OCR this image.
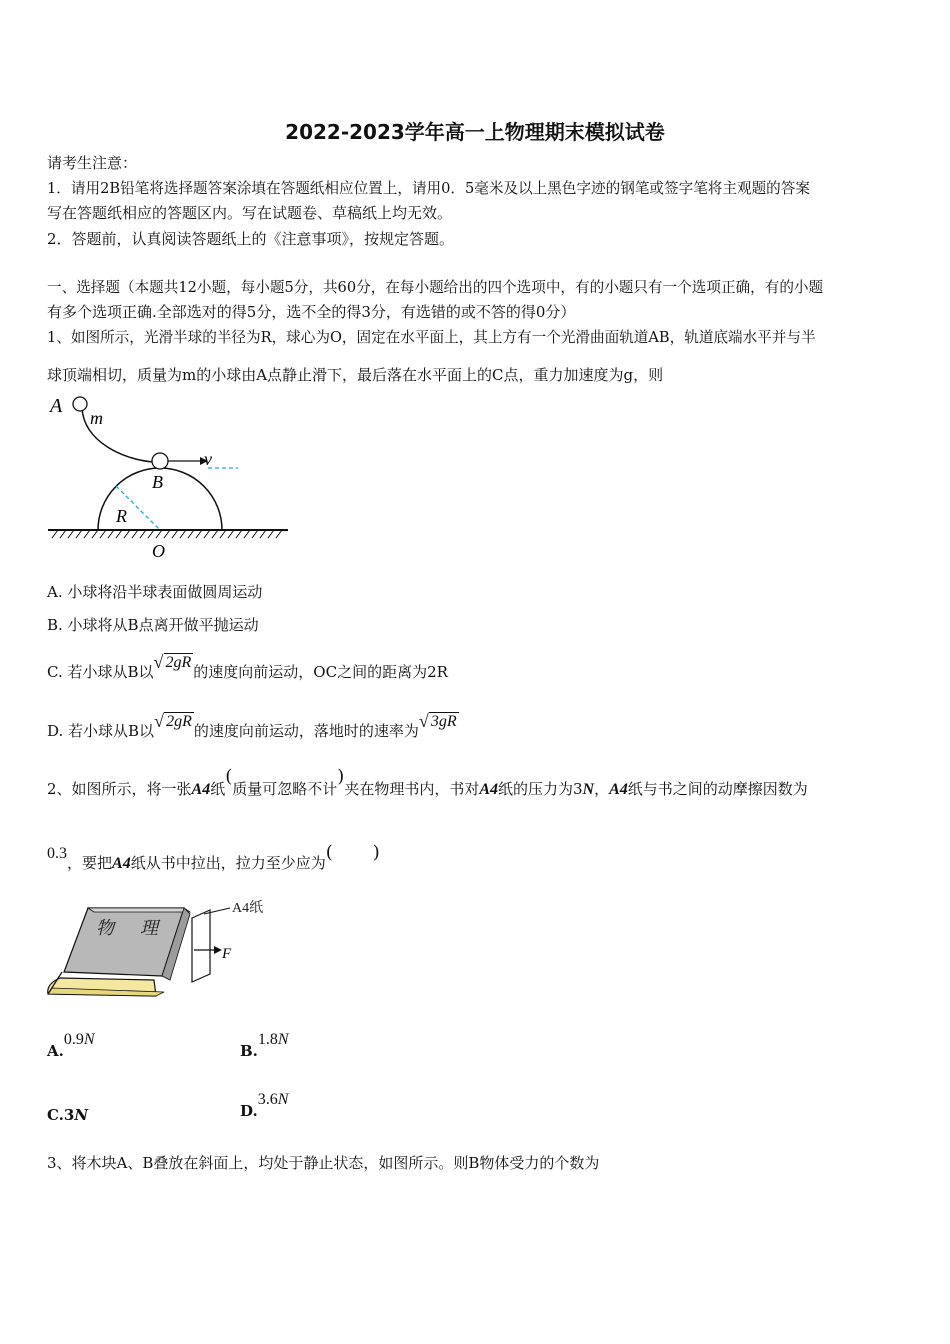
2022-2023学年高一上物理期末模拟试卷
请考生注意：
1．请用2B铅笔将选择题答案涂填在答题纸相应位置上，请用0．5毫米及以上黑色字迹的钢笔或签字笔将主观题的答案
写在答题纸相应的答题区内。写在试题卷、草稿纸上均无效。
2．答题前，认真阅读答题纸上的《注意事项》，按规定答题。
一、选择题（本题共12小题，每小题5分，共60分，在每小题给出的四个选项中，有的小题只有一个选项正确，有的小题
有多个选项正确.全部选对的得5分，选不全的得3分，有选错的或不答的得0分）
1、如图所示，光滑半球的半径为R，球心为O，固定在水平面上，其上方有一个光滑曲面轨道AB，轨道底端水平并与半
球顶端相切，质量为m的小球由A点静止滑下，最后落在水平面上的C点，重力加速度为g，则
A
m
v
B
R
O
A. 小球将沿半球表面做圆周运动
B. 小球将从B点离开做平抛运动
C. 若小球从B以 √ 2gR的速度向前运动，OC之间的距离为2R
D. 若小球从B以 √ 2gR的速度向前运动，落地时的速率为 √ 3gR
2、如图所示，将一张A4纸(质量可忽略不计)夹在物理书内，书对A4纸的压力为3N，A4纸与书之间的动摩擦因数为
0.3，要把A4纸从书中拉出，拉力至少应为(       )
物 理
A4纸
F
A.0.9N
B.1.8N
C.3N	D.3.6N
3、将木块A、B叠放在斜面上，均处于静止状态，如图所示。则B物体受力的个数为
